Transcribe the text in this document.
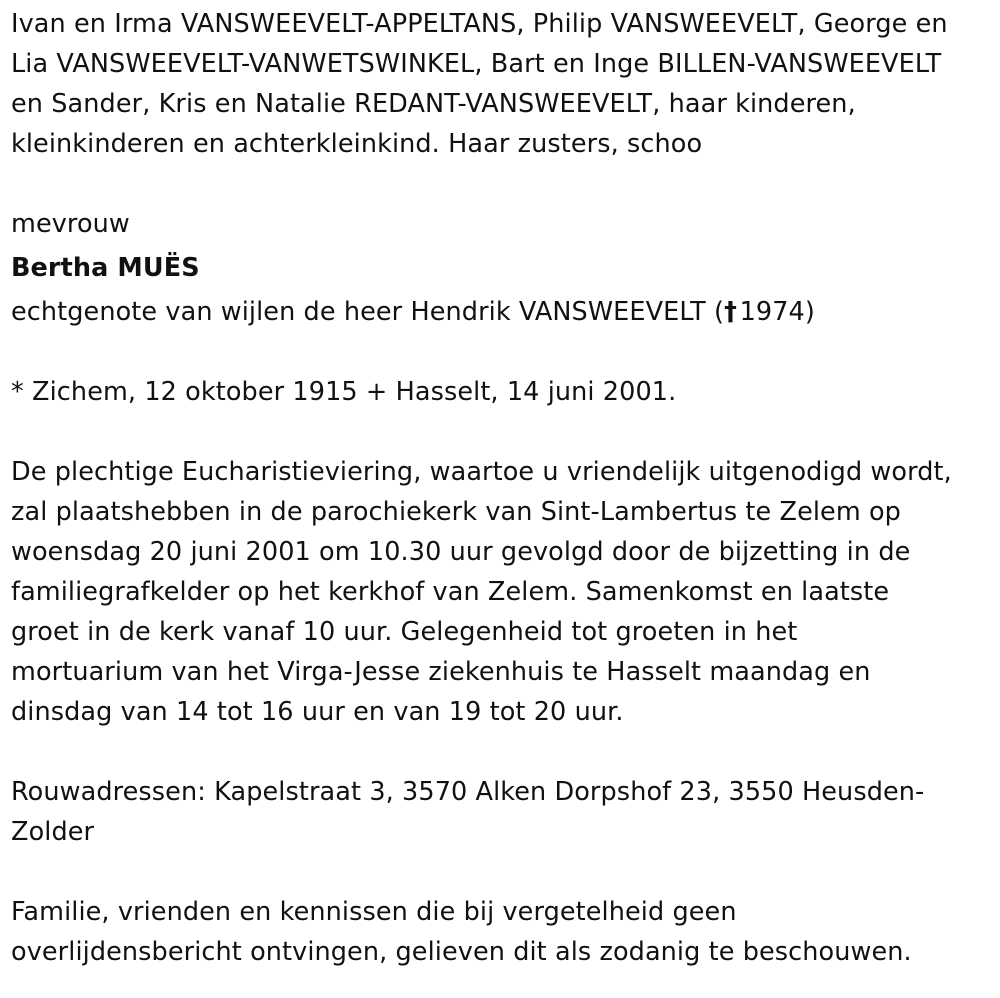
Ivan en Irma VANSWEEVELT-APPELTANS, Philip VANSWEEVELT, George en
Lia VANSWEEVELT-VANWETSWINKEL, Bart en Inge BILLEN-VANSWEEVELT
en Sander, Kris en Natalie REDANT-VANSWEEVELT, haar kinderen,
kleinkinderen en achterkleinkind. Haar zusters, schoo
mevrouw
Bertha MUËS
echtgenote van wijlen de heer Hendrik VANSWEEVELT (†  1974)
* Zichem, 12 oktober 1915 + Hasselt, 14 juni 2001.
De plechtige Eucharistieviering, waartoe u vriendelijk uitgenodigd wordt,
zal plaatshebben in de parochiekerk van Sint-Lambertus te Zelem op
woensdag 20 juni 2001 om 10.30 uur gevolgd door de bijzetting in de
familiegrafkelder op het kerkhof van Zelem. Samenkomst en laatste
groet in de kerk vanaf 10 uur. Gelegenheid tot groeten in het
mortuarium van het Virga-Jesse ziekenhuis te Hasselt maandag en
dinsdag van 14 tot 16 uur en van 19 tot 20 uur.
Rouwadressen: Kapelstraat 3, 3570 Alken Dorpshof 23, 3550 Heusden-
Zolder
Familie, vrienden en kennissen die bij vergetelheid geen
overlijdensbericht ontvingen, gelieven dit als zodanig te beschouwen.
